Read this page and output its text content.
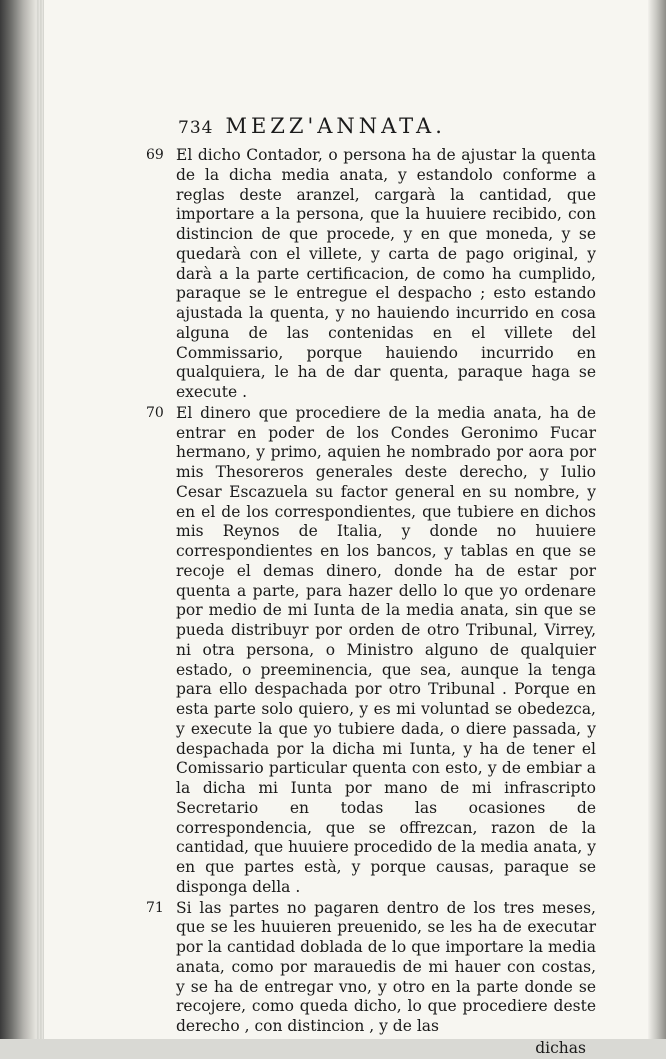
734 MEZZ'ANNATA.
69 El dicho Contador, o persona ha de ajustar la quenta de la dicha media anata, y estandolo conforme a reglas deste aranzel, cargarà la cantidad, que importare a la persona, que la huuiere recibido, con distincion de que procede, y en que moneda, y se quedarà con el villete, y carta de pago original, y darà a la parte certificacion, de como ha cumplido, paraque se le entregue el despacho ; esto estando ajustada la quenta, y no hauiendo incurrido en cosa alguna de las contenidas en el villete del Commissario, porque hauiendo incurrido en qualquiera, le ha de dar quenta, paraque haga se execute .
70 El dinero que procediere de la media anata, ha de entrar en poder de los Condes Geronimo Fucar hermano, y primo, aquien he nombrado por aora por mis Thesoreros generales deste derecho, y Iulio Cesar Escazuela su factor general en su nombre, y en el de los correspondientes, que tubiere en dichos mis Reynos de Italia, y donde no huuiere correspondientes en los bancos, y tablas en que se recoje el demas dinero, donde ha de estar por quenta a parte, para hazer dello lo que yo ordenare por medio de mi Iunta de la media anata, sin que se pueda distribuyr por orden de otro Tribunal, Virrey, ni otra persona, o Ministro alguno de qualquier estado, o preeminencia, que sea, aunque la tenga para ello despachada por otro Tribunal . Porque en esta parte solo quiero, y es mi voluntad se obedezca, y execute la que yo tubiere dada, o diere passada, y despachada por la dicha mi Iunta, y ha de tener el Comissario particular quenta con esto, y de embiar a la dicha mi Iunta por mano de mi infrascripto Secretario en todas las ocasiones de correspondencia, que se offrezcan, razon de la cantidad, que huuiere procedido de la media anata, y en que partes està, y porque causas, paraque se disponga della .
71 Si las partes no pagaren dentro de los tres meses, que se les huuieren preuenido, se les ha de executar por la cantidad doblada de lo que importare la media anata, como por marauedis de mi hauer con costas, y se ha de entregar vno, y otro en la parte donde se recojere, como queda dicho, lo que procediere deste derecho , con distincion , y de las
dichas
